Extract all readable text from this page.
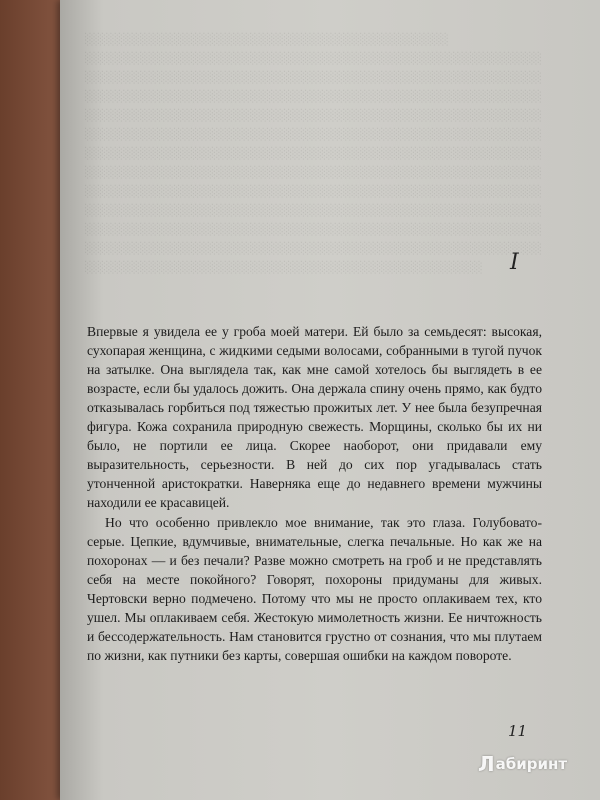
░░░░░░░░░░░░░░░░░░░░░░░░░░░░░░░░░░░░░░░░░░░
░░░░░░░░░░░░░░░░░░░░░░░░░░░░░░░░░░░░░░░░░░░░░░░░░░░░░░
░░░░░░░░░░░░░░░░░░░░░░░░░░░░░░░░░░░░░░░░░░░░░░░░░░░░░░
░░░░░░░░░░░░░░░░░░░░░░░░░░░░░░░░░░░░░░░░░░░░░░░░░░░░░░
░░░░░░░░░░░░░░░░░░░░░░░░░░░░░░░░░░░░░░░░░░░░░░░░░░░░░░
░░░░░░░░░░░░░░░░░░░░░░░░░░░░░░░░░░░░░░░░░░░░░░░░░░░░░░
░░░░░░░░░░░░░░░░░░░░░░░░░░░░░░░░░░░░░░░░░░░░░░░░░░░░░░
░░░░░░░░░░░░░░░░░░░░░░░░░░░░░░░░░░░░░░░░░░░░░░░░░░░░░░
░░░░░░░░░░░░░░░░░░░░░░░░░░░░░░░░░░░░░░░░░░░░░░░░░░░░░░
░░░░░░░░░░░░░░░░░░░░░░░░░░░░░░░░░░░░░░░░░░░░░░░░░░░░░░
░░░░░░░░░░░░░░░░░░░░░░░░░░░░░░░░░░░░░░░░░░░░░░░░░░░░░░
░░░░░░░░░░░░░░░░░░░░░░░░░░░░░░░░░░░░░░░░░░░░░░░░░░░░░░
░░░░░░░░░░░░░░░░░░░░░░░░░░░░░░░░░░░░░░░░░░░░░░░	I

Впервые я увидела ее у гроба моей матери. Ей было за семьдесят: высокая, сухопарая женщина, с жидкими седыми волосами, собранными в тугой пучок на затылке. Она выглядела так, как мне самой хотелось бы выглядеть в ее возрасте, если бы удалось дожить. Она держала спину очень прямо, как будто отказывалась горбиться под тяжестью прожитых лет. У нее была безупречная фигура. Кожа сохранила природную свежесть. Морщины, сколько бы их ни было, не портили ее лица. Скорее наоборот, они придавали ему выразительность, серьезности. В ней до сих пор угадывалась стать утонченной аристократки. Наверняка еще до недавнего времени мужчины находили ее красавицей.

Но что особенно привлекло мое внимание, так это глаза. Голубовато-серые. Цепкие, вдумчивые, внимательные, слегка печальные. Но как же на похоронах — и без печали? Разве можно смотреть на гроб и не представлять себя на месте покойного? Говорят, похороны придуманы для живых. Чертовски верно подмечено. Потому что мы не просто оплакиваем тех, кто ушел. Мы оплакиваем себя. Жестокую мимолетность жизни. Ее ничтожность и бессодержательность. Нам становится грустно от сознания, что мы плутаем по жизни, как путники без карты, совершая ошибки на каждом повороте.

11
Л абиринт
